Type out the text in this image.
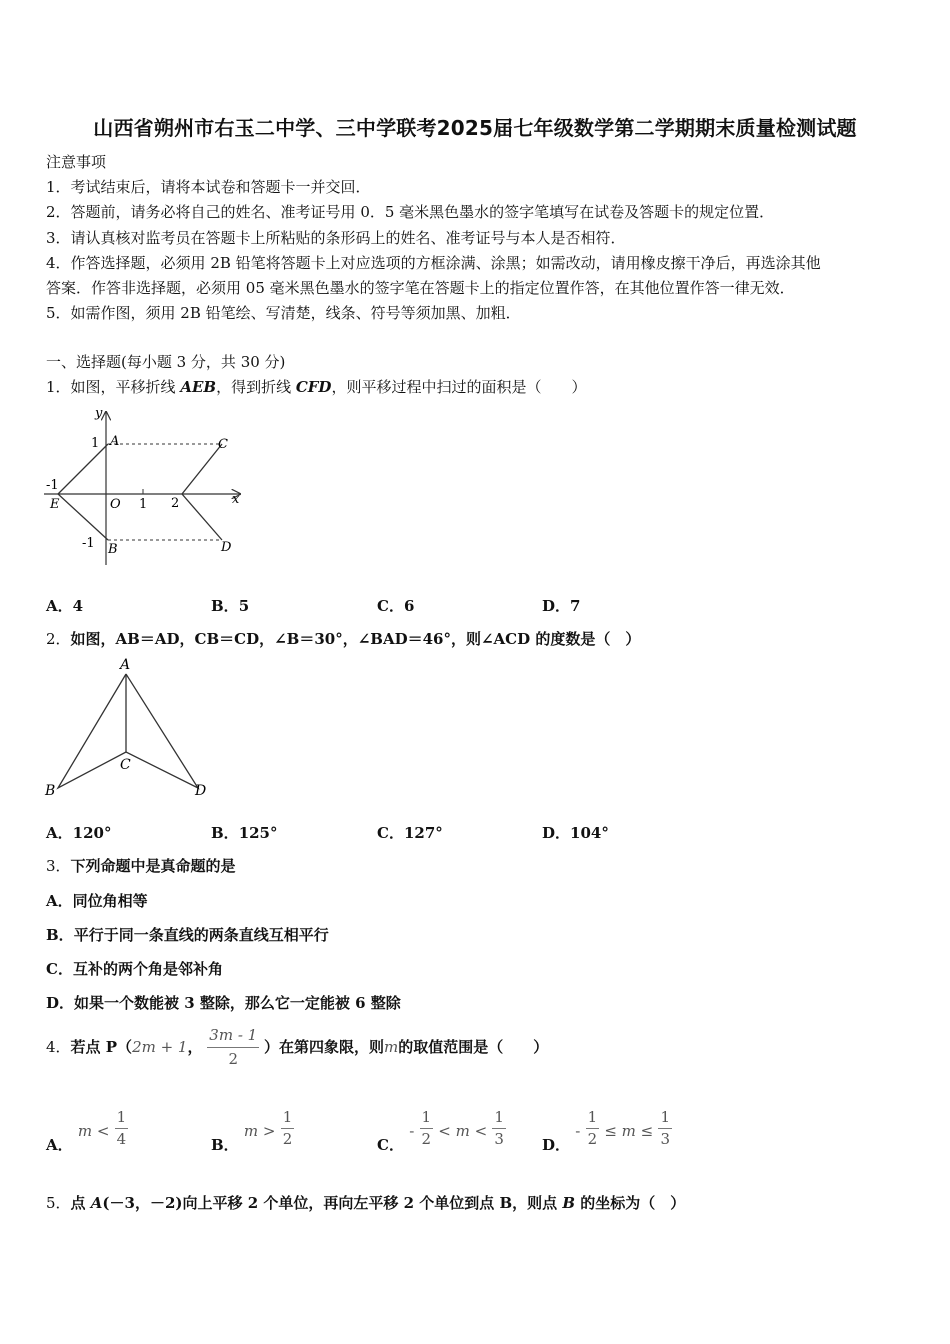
山西省朔州市右玉二中学、三中学联考2025届七年级数学第二学期期末质量检测试题
注意事项
1．考试结束后，请将本试卷和答题卡一并交回．
2．答题前，请务必将自己的姓名、准考证号用 0．5 毫米黑色墨水的签字笔填写在试卷及答题卡的规定位置．
3．请认真核对监考员在答题卡上所粘贴的条形码上的姓名、准考证号与本人是否相符．
4．作答选择题，必须用 2B 铅笔将答题卡上对应选项的方框涂满、涂黑；如需改动，请用橡皮擦干净后，再选涂其他
答案．作答非选择题，必须用 05 毫米黑色墨水的签字笔在答题卡上的指定位置作答，在其他位置作答一律无效．
5．如需作图，须用 2B 铅笔绘、写清楚，线条、符号等须加黑、加粗．
一、选择题(每小题 3 分，共 30 分)
1．如图，平移折线 AEB，得到折线 CFD，则平移过程中扫过的面积是（　　）
y
x
1 A	C
-1
E	O 1 2
-1 B	D
A．4	B．5	C．6	D．7
2．如图，AB＝AD，CB＝CD，∠B＝30°，∠BAD＝46°，则∠ACD 的度数是（　）
A
B
C
D
A．120°	B．125°	C．127°	D．104°
3．下列命题中是真命题的是
A．同位角相等
B．平行于同一条直线的两条直线互相平行
C．互补的两个角是邻补角
D．如果一个数能被 3 整除，那么它一定能被 6 整除
4．若点 P（2m + 1， $\frac{3m - 1}{2}$ ）在第四象限，则m的取值范围是（　　）
A． $m < \frac{1}{4}$	B． $m > \frac{1}{2}$	C． - $\frac{1}{2} < m < \frac{1}{3}$ D． - $\frac{1}{2} \le m \le \frac{1}{3}$
5．点 A(－3，－2)向上平移 2 个单位，再向左平移 2 个单位到点 B，则点 B 的坐标为（　）
